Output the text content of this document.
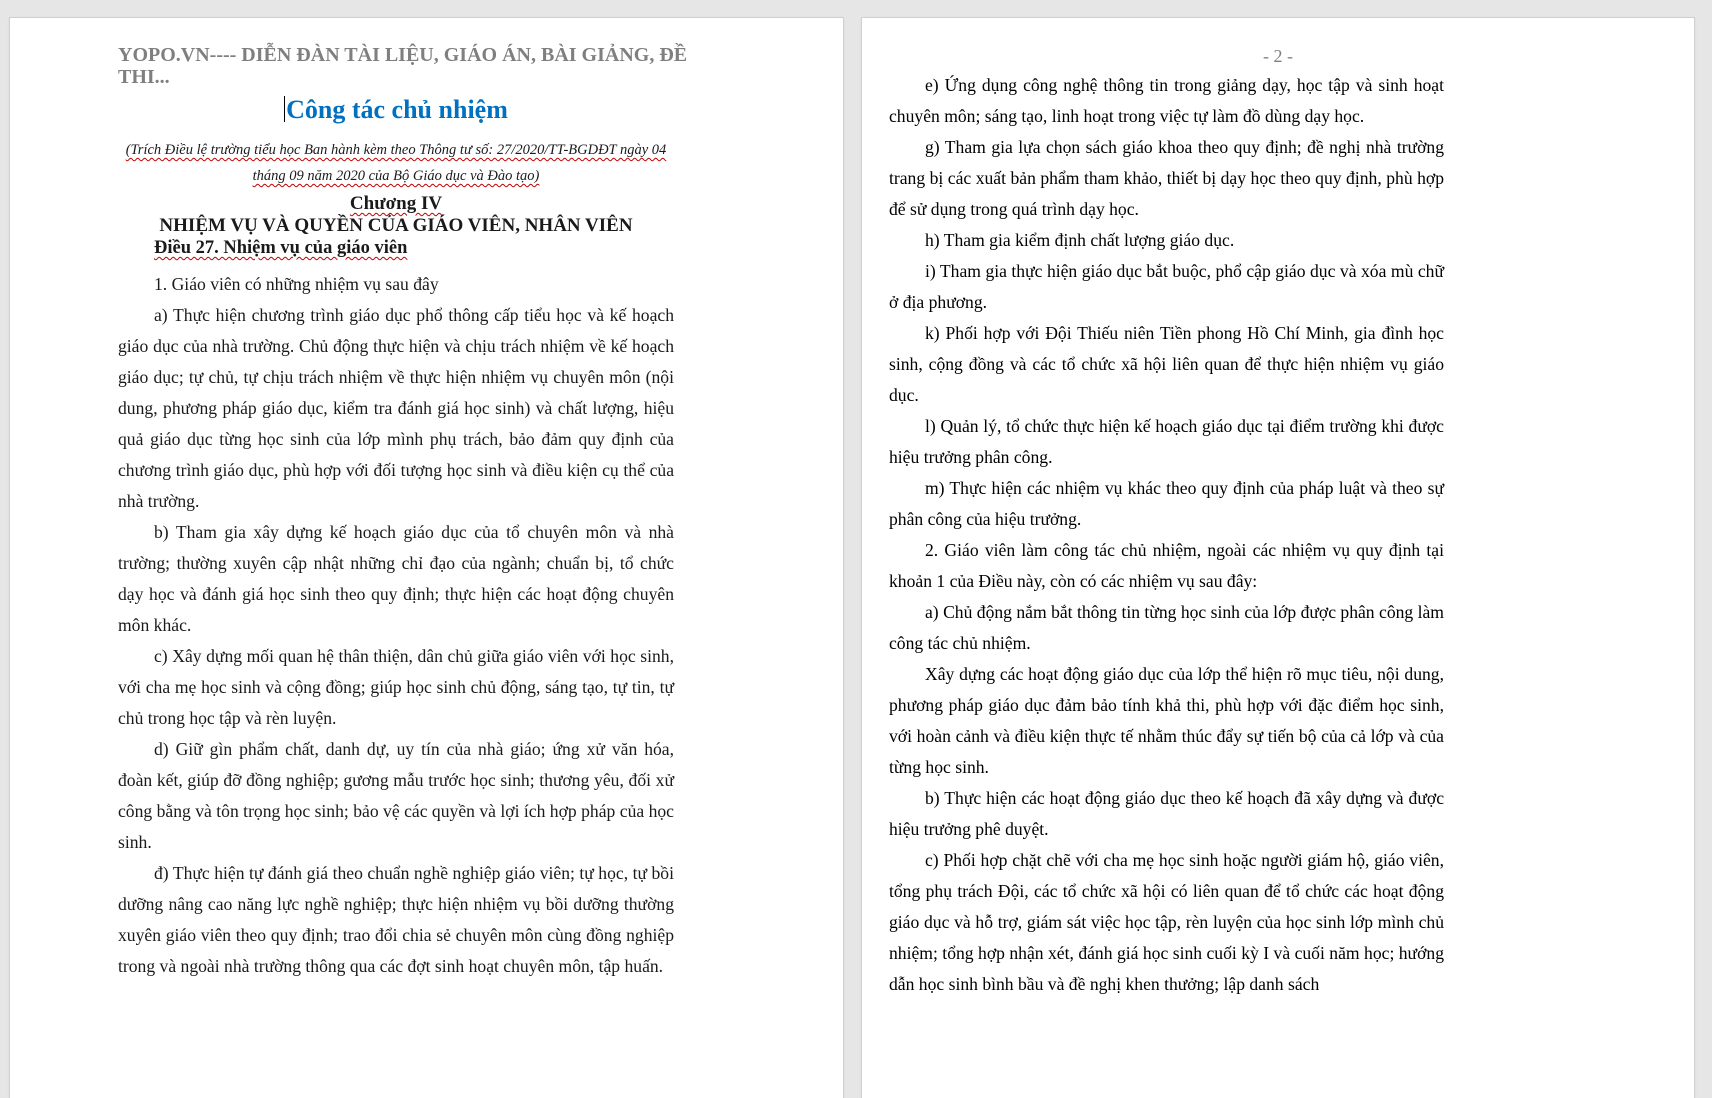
YOPO.VN---- DIỄN ĐÀN TÀI LIỆU, GIÁO ÁN, BÀI GIẢNG, ĐỀ THI...
Công tác chủ nhiệm
(Trích Điều lệ trường tiểu học Ban hành kèm theo Thông tư số: 27/2020/TT-BGDĐT ngày 04 tháng 09 năm 2020 của Bộ Giáo dục và Đào tạo)
Chương IV
NHIỆM VỤ VÀ QUYỀN CỦA GIÁO VIÊN, NHÂN VIÊN
Điều 27. Nhiệm vụ của giáo viên

1. Giáo viên có những nhiệm vụ sau đây

a) Thực hiện chương trình giáo dục phổ thông cấp tiểu học và kế hoạch giáo dục của nhà trường. Chủ động thực hiện và chịu trách nhiệm về kế hoạch giáo dục; tự chủ, tự chịu trách nhiệm về thực hiện nhiệm vụ chuyên môn (nội dung, phương pháp giáo dục, kiểm tra đánh giá học sinh) và chất lượng, hiệu quả giáo dục từng học sinh của lớp mình phụ trách, bảo đảm quy định của chương trình giáo dục, phù hợp với đối tượng học sinh và điều kiện cụ thể của nhà trường.

b) Tham gia xây dựng kế hoạch giáo dục của tổ chuyên môn và nhà trường; thường xuyên cập nhật những chỉ đạo của ngành; chuẩn bị, tổ chức dạy học và đánh giá học sinh theo quy định; thực hiện các hoạt động chuyên môn khác.

c) Xây dựng mối quan hệ thân thiện, dân chủ giữa giáo viên với học sinh, với cha mẹ học sinh và cộng đồng; giúp học sinh chủ động, sáng tạo, tự tin, tự chủ trong học tập và rèn luyện.

d) Giữ gìn phẩm chất, danh dự, uy tín của nhà giáo; ứng xử văn hóa, đoàn kết, giúp đỡ đồng nghiệp; gương mẫu trước học sinh; thương yêu, đối xử công bằng và tôn trọng học sinh; bảo vệ các quyền và lợi ích hợp pháp của học sinh.

đ) Thực hiện tự đánh giá theo chuẩn nghề nghiệp giáo viên; tự học, tự bồi dưỡng nâng cao năng lực nghề nghiệp; thực hiện nhiệm vụ bồi dưỡng thường xuyên giáo viên theo quy định; trao đổi chia sẻ chuyên môn cùng đồng nghiệp trong và ngoài nhà trường thông qua các đợt sinh hoạt chuyên môn, tập huấn.

- 2 -

e) Ứng dụng công nghệ thông tin trong giảng dạy, học tập và sinh hoạt chuyên môn; sáng tạo, linh hoạt trong việc tự làm đồ dùng dạy học.

g) Tham gia lựa chọn sách giáo khoa theo quy định; đề nghị nhà trường trang bị các xuất bản phẩm tham khảo, thiết bị dạy học theo quy định, phù hợp để sử dụng trong quá trình dạy học.

h) Tham gia kiểm định chất lượng giáo dục.

i) Tham gia thực hiện giáo dục bắt buộc, phổ cập giáo dục và xóa mù chữ ở địa phương.

k) Phối hợp với Đội Thiếu niên Tiền phong Hồ Chí Minh, gia đình học sinh, cộng đồng và các tổ chức xã hội liên quan để thực hiện nhiệm vụ giáo dục.

l) Quản lý, tổ chức thực hiện kế hoạch giáo dục tại điểm trường khi được hiệu trưởng phân công.

m) Thực hiện các nhiệm vụ khác theo quy định của pháp luật và theo sự phân công của hiệu trưởng.

2. Giáo viên làm công tác chủ nhiệm, ngoài các nhiệm vụ quy định tại khoản 1 của Điều này, còn có các nhiệm vụ sau đây:

a) Chủ động nắm bắt thông tin từng học sinh của lớp được phân công làm công tác chủ nhiệm.

Xây dựng các hoạt động giáo dục của lớp thể hiện rõ mục tiêu, nội dung, phương pháp giáo dục đảm bảo tính khả thi, phù hợp với đặc điểm học sinh, với hoàn cảnh và điều kiện thực tế nhằm thúc đẩy sự tiến bộ của cả lớp và của từng học sinh.

b) Thực hiện các hoạt động giáo dục theo kế hoạch đã xây dựng và được hiệu trưởng phê duyệt.

c) Phối hợp chặt chẽ với cha mẹ học sinh hoặc người giám hộ, giáo viên, tổng phụ trách Đội, các tổ chức xã hội có liên quan để tổ chức các hoạt động giáo dục và hỗ trợ, giám sát việc học tập, rèn luyện của học sinh lớp mình chủ nhiệm; tổng hợp nhận xét, đánh giá học sinh cuối kỳ I và cuối năm học; hướng dẫn học sinh bình bầu và đề nghị khen thưởng; lập danh sách
